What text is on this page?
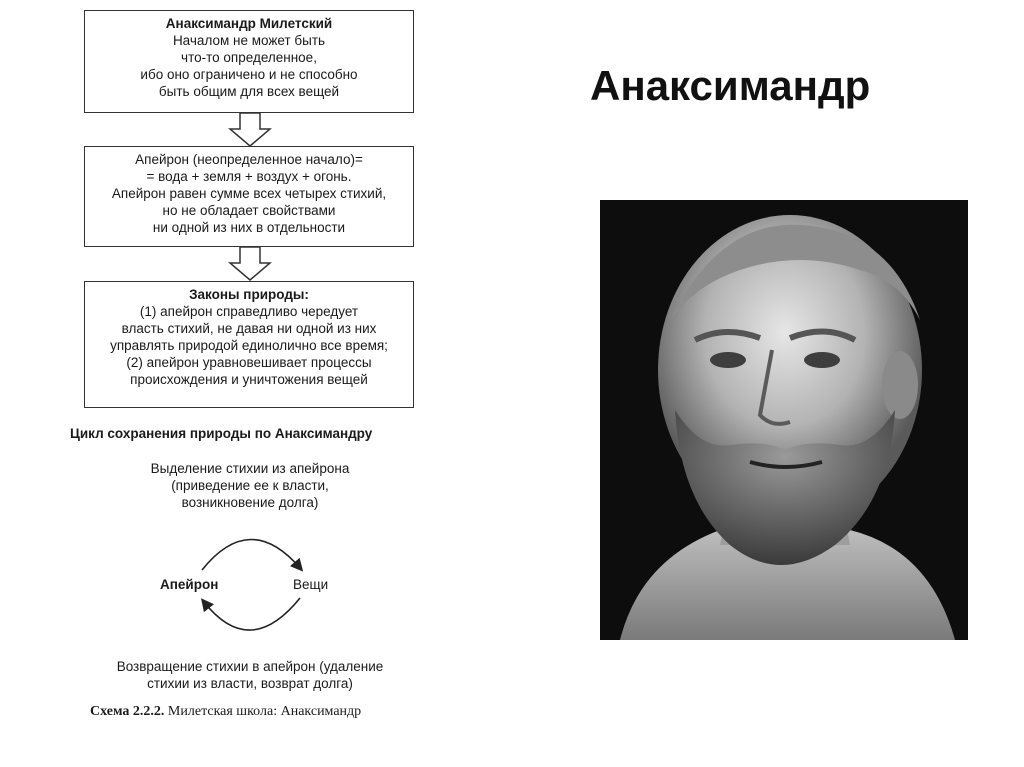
Анаксимандр Милетский
Началом не может быть
что-то определенное,
ибо оно ограничено и не способно
быть общим для всех вещей
Апейрон (неопределенное начало)=
= вода + земля + воздух + огонь.
Апейрон равен сумме всех четырех стихий,
но не обладает свойствами
ни одной из них в отдельности
Законы природы:
(1) апейрон справедливо чередует
власть стихий, не давая ни одной из них
управлять природой единолично все время;
(2) апейрон уравновешивает процессы
происхождения и уничтожения вещей
Цикл сохранения природы по Анаксимандру
Выделение стихии из апейрона
(приведение ее к власти,
возникновение долга)
Апейрон	Вещи
Возвращение стихии в апейрон (удаление
стихии из власти, возврат долга)
Схема 2.2.2. Милетская школа: Анаксимандр
Анаксимандр
